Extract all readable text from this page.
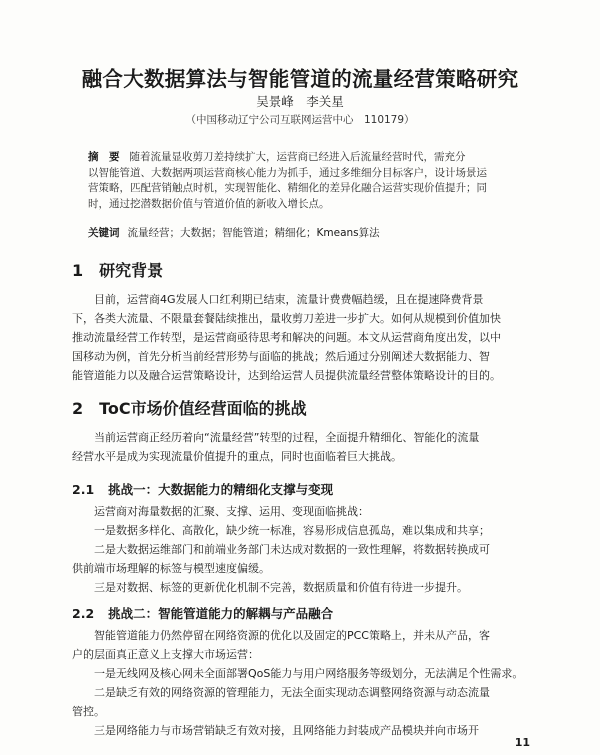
融合大数据算法与智能管道的流量经营策略研究
吴景峰　李关星
（中国移动辽宁公司互联网运营中心　110179）
摘　要 随着流量显收剪刀差持续扩大，运营商已经进入后流量经营时代，需充分
以智能管道、大数据两项运营商核心能力为抓手，通过多维细分目标客户，设计场景运
营策略，匹配营销触点时机，实现智能化、精细化的差异化融合运营实现价值提升；同
时，通过挖潜数据价值与管道价值的新收入增长点。
关键词 流量经营；大数据；智能管道；精细化；Kmeans算法
1 研究背景
目前，运营商4G发展人口红利期已结束，流量计费费幅趋缓，且在提速降费背景
下，各类大流量、不限量套餐陆续推出，量收剪刀差进一步扩大。如何从规模到价值加快
推动流量经营工作转型，是运营商亟待思考和解决的问题。本文从运营商角度出发，以中
国移动为例，首先分析当前经营形势与面临的挑战；然后通过分别阐述大数据能力、智
能管道能力以及融合运营策略设计，达到给运营人员提供流量经营整体策略设计的目的。
2 ToC市场价值经营面临的挑战
当前运营商正经历着向“流量经营”转型的过程，全面提升精细化、智能化的流量
经营水平是成为实现流量价值提升的重点，同时也面临着巨大挑战。
2.1 挑战一：大数据能力的精细化支撑与变现
运营商对海量数据的汇聚、支撑、运用、变现面临挑战：
一是数据多样化、高散化，缺少统一标准，容易形成信息孤岛，难以集成和共享；
二是大数据运维部门和前端业务部门未达成对数据的一致性理解，将数据转换成可
供前端市场理解的标签与模型速度偏缓。
三是对数据、标签的更新优化机制不完善，数据质量和价值有待进一步提升。
2.2 挑战二：智能管道能力的解耦与产品融合
智能管道能力仍然停留在网络资源的优化以及固定的PCC策略上，并未从产品，客
户的层面真正意义上支撑大市场运营：
一是无线网及核心网未全面部署QoS能力与用户网络服务等级划分，无法满足个性需求。
二是缺乏有效的网络资源的管理能力，无法全面实现动态调整网络资源与动态流量
管控。
三是网络能力与市场营销缺乏有效对接，且网络能力封装成产品模块并向市场开
11
